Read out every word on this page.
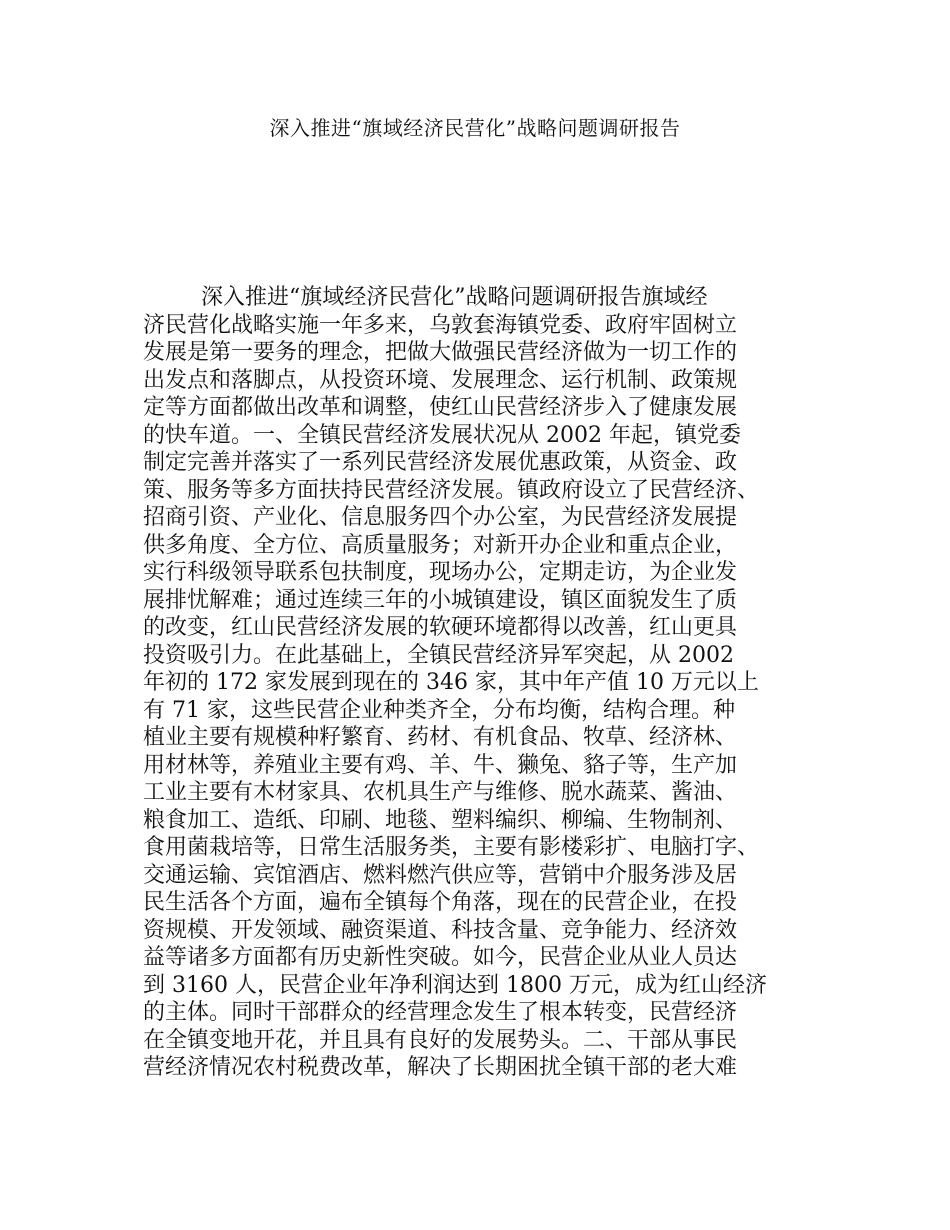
深入推进“旗域经济民营化”战略问题调研报告
深入推进“旗域经济民营化”战略问题调研报告旗域经
济民营化战略实施一年多来，乌敦套海镇党委、政府牢固树立
发展是第一要务的理念，把做大做强民营经济做为一切工作的
出发点和落脚点，从投资环境、发展理念、运行机制、政策规
定等方面都做出改革和调整，使红山民营经济步入了健康发展
的快车道。一、全镇民营经济发展状况从 2002 年起，镇党委
制定完善并落实了一系列民营经济发展优惠政策，从资金、政
策、服务等多方面扶持民营经济发展。镇政府设立了民营经济、
招商引资、产业化、信息服务四个办公室，为民营经济发展提
供多角度、全方位、高质量服务；对新开办企业和重点企业，
实行科级领导联系包扶制度，现场办公，定期走访，为企业发
展排忧解难；通过连续三年的小城镇建设，镇区面貌发生了质
的改变，红山民营经济发展的软硬环境都得以改善，红山更具
投资吸引力。在此基础上，全镇民营经济异军突起，从 2002
年初的 172 家发展到现在的 346 家，其中年产值 10 万元以上
有 71 家，这些民营企业种类齐全，分布均衡，结构合理。种
植业主要有规模种籽繁育、药材、有机食品、牧草、经济林、
用材林等，养殖业主要有鸡、羊、牛、獭兔、貉子等，生产加
工业主要有木材家具、农机具生产与维修、脱水蔬菜、酱油、
粮食加工、造纸、印刷、地毯、塑料编织、柳编、生物制剂、
食用菌栽培等，日常生活服务类，主要有影楼彩扩、电脑打字、
交通运输、宾馆酒店、燃料燃汽供应等，营销中介服务涉及居
民生活各个方面，遍布全镇每个角落，现在的民营企业，在投
资规模、开发领域、融资渠道、科技含量、竞争能力、经济效
益等诸多方面都有历史新性突破。如今，民营企业从业人员达
到 3160 人，民营企业年净利润达到 1800 万元，成为红山经济
的主体。同时干部群众的经营理念发生了根本转变，民营经济
在全镇变地开花，并且具有良好的发展势头。二、干部从事民
营经济情况农村税费改革，解决了长期困扰全镇干部的老大难
